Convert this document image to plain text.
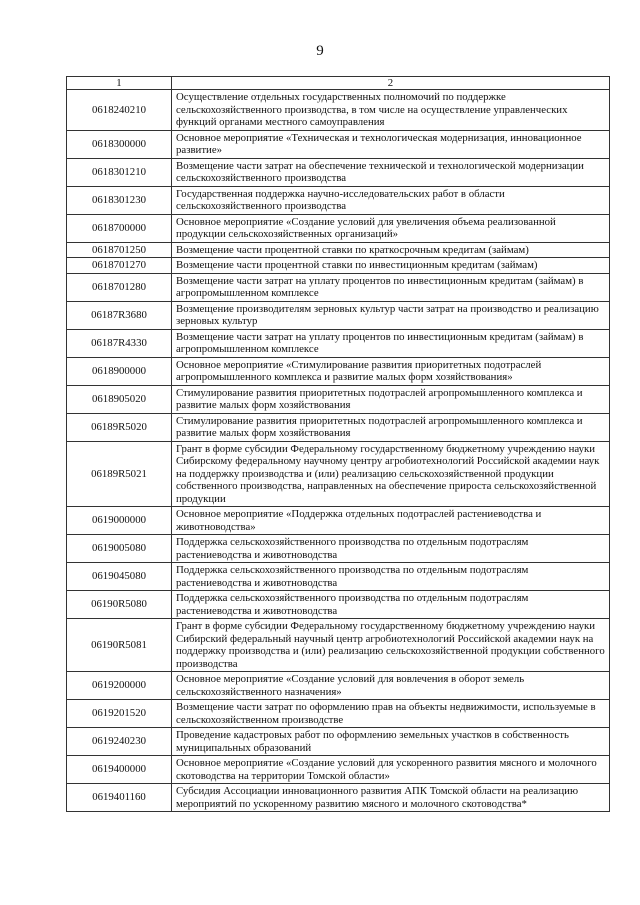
9
1	2
0618240210	Осуществление отдельных государственных полномочий по поддержке сельскохозяйственного производства, в том числе на осуществление управленческих функций органами местного самоуправления
0618300000	Основное мероприятие «Техническая и технологическая модернизация, инновационное развитие»
0618301210	Возмещение части затрат на обеспечение технической и технологической модернизации сельскохозяйственного производства
0618301230	Государственная поддержка научно-исследовательских работ в области сельскохозяйственного производства
0618700000	Основное мероприятие «Создание условий для увеличения объема реализованной продукции сельскохозяйственных организаций»
0618701250	Возмещение части процентной ставки по краткосрочным кредитам (займам)
0618701270	Возмещение части процентной ставки по инвестиционным кредитам (займам)
0618701280	Возмещение части затрат на уплату процентов по инвестиционным кредитам (займам) в агропромышленном комплексе
06187R3680	Возмещение производителям зерновых культур части затрат на производство и реализацию зерновых культур
06187R4330	Возмещение части затрат на уплату процентов по инвестиционным кредитам (займам) в агропромышленном комплексе
0618900000	Основное мероприятие «Стимулирование развития приоритетных подотраслей агропромышленного комплекса и развитие малых форм хозяйствования»
0618905020	Стимулирование развития приоритетных подотраслей агропромышленного комплекса и развитие малых форм хозяйствования
06189R5020	Стимулирование развития приоритетных подотраслей агропромышленного комплекса и развитие малых форм хозяйствования
06189R5021	Грант в форме субсидии Федеральному государственному бюджетному учреждению науки Сибирскому федеральному научному центру агробиотехнологий Российской академии наук на поддержку производства и (или) реализацию сельскохозяйственной продукции собственного производства, направленных на обеспечение прироста сельскохозяйственной продукции
0619000000	Основное мероприятие «Поддержка отдельных подотраслей растениеводства и животноводства»
0619005080	Поддержка сельскохозяйственного производства по отдельным подотраслям растениеводства и животноводства
0619045080	Поддержка сельскохозяйственного производства по отдельным подотраслям растениеводства и животноводства
06190R5080	Поддержка сельскохозяйственного производства по отдельным подотраслям растениеводства и животноводства
06190R5081	Грант в форме субсидии Федеральному государственному бюджетному учреждению науки Сибирский федеральный научный центр агробиотехнологий Российской академии наук на поддержку производства и (или) реализацию сельскохозяйственной продукции собственного производства
0619200000	Основное мероприятие «Создание условий для вовлечения в оборот земель сельскохозяйственного назначения»
0619201520	Возмещение части затрат по оформлению прав на объекты недвижимости, используемые в сельскохозяйственном производстве
0619240230	Проведение кадастровых работ по оформлению земельных участков в собственность муниципальных образований
0619400000	Основное мероприятие «Создание условий для ускоренного развития мясного и молочного скотоводства на территории Томской области»
0619401160	Субсидия Ассоциации инновационного развития АПК Томской области на реализацию мероприятий по ускоренному развитию мясного и молочного скотоводства*
